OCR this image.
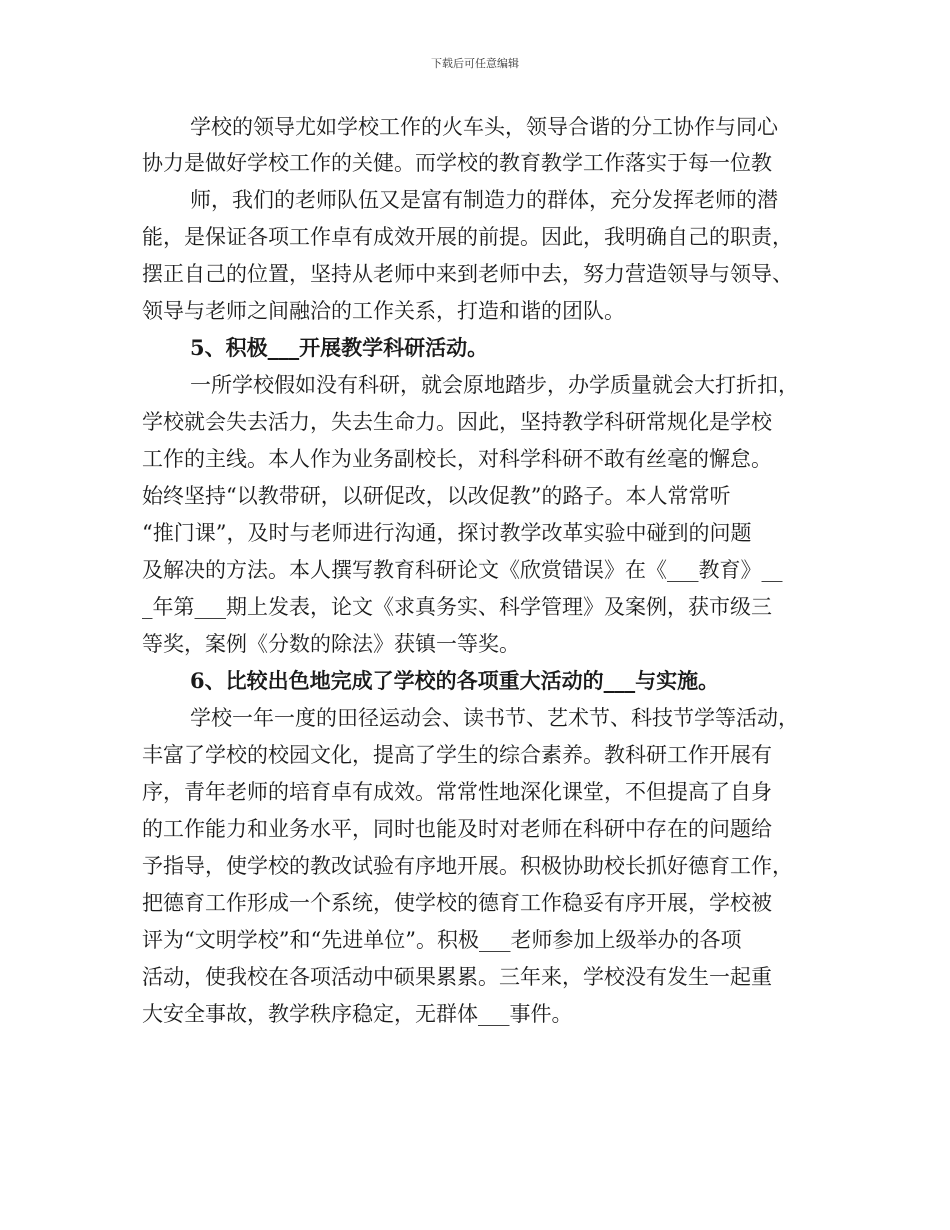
下载后可任意编辑
学校的领导尤如学校工作的火车头，领导合谐的分工协作与同心
协力是做好学校工作的关健。而学校的教育教学工作落实于每一位教
师，我们的老师队伍又是富有制造力的群体，充分发挥老师的潜
能，是保证各项工作卓有成效开展的前提。因此，我明确自己的职责，
摆正自己的位置，坚持从老师中来到老师中去，努力营造领导与领导、
领导与老师之间融洽的工作关系，打造和谐的团队。
5、积极___开展教学科研活动。
一所学校假如没有科研，就会原地踏步，办学质量就会大打折扣，
学校就会失去活力，失去生命力。因此，坚持教学科研常规化是学校
工作的主线。本人作为业务副校长，对科学科研不敢有丝毫的懈怠。
始终坚持“以教带研，以研促改，以改促教”的路子。本人常常听
“推门课”，及时与老师进行沟通，探讨教学改革实验中碰到的问题
及解决的方法。本人撰写教育科研论文《欣赏错误》在《___教育》__
_年第___期上发表，论文《求真务实、科学管理》及案例，获市级三
等奖，案例《分数的除法》获镇一等奖。
6、比较出色地完成了学校的各项重大活动的___与实施。
学校一年一度的田径运动会、读书节、艺术节、科技节学等活动，
丰富了学校的校园文化，提高了学生的综合素养。教科研工作开展有
序，青年老师的培育卓有成效。常常性地深化课堂，不但提高了自身
的工作能力和业务水平，同时也能及时对老师在科研中存在的问题给
予指导，使学校的教改试验有序地开展。积极协助校长抓好德育工作，
把德育工作形成一个系统，使学校的德育工作稳妥有序开展，学校被
评为“文明学校”和“先进单位”。积极___老师参加上级举办的各项
活动，使我校在各项活动中硕果累累。三年来，学校没有发生一起重
大安全事故，教学秩序稳定，无群体___事件。
